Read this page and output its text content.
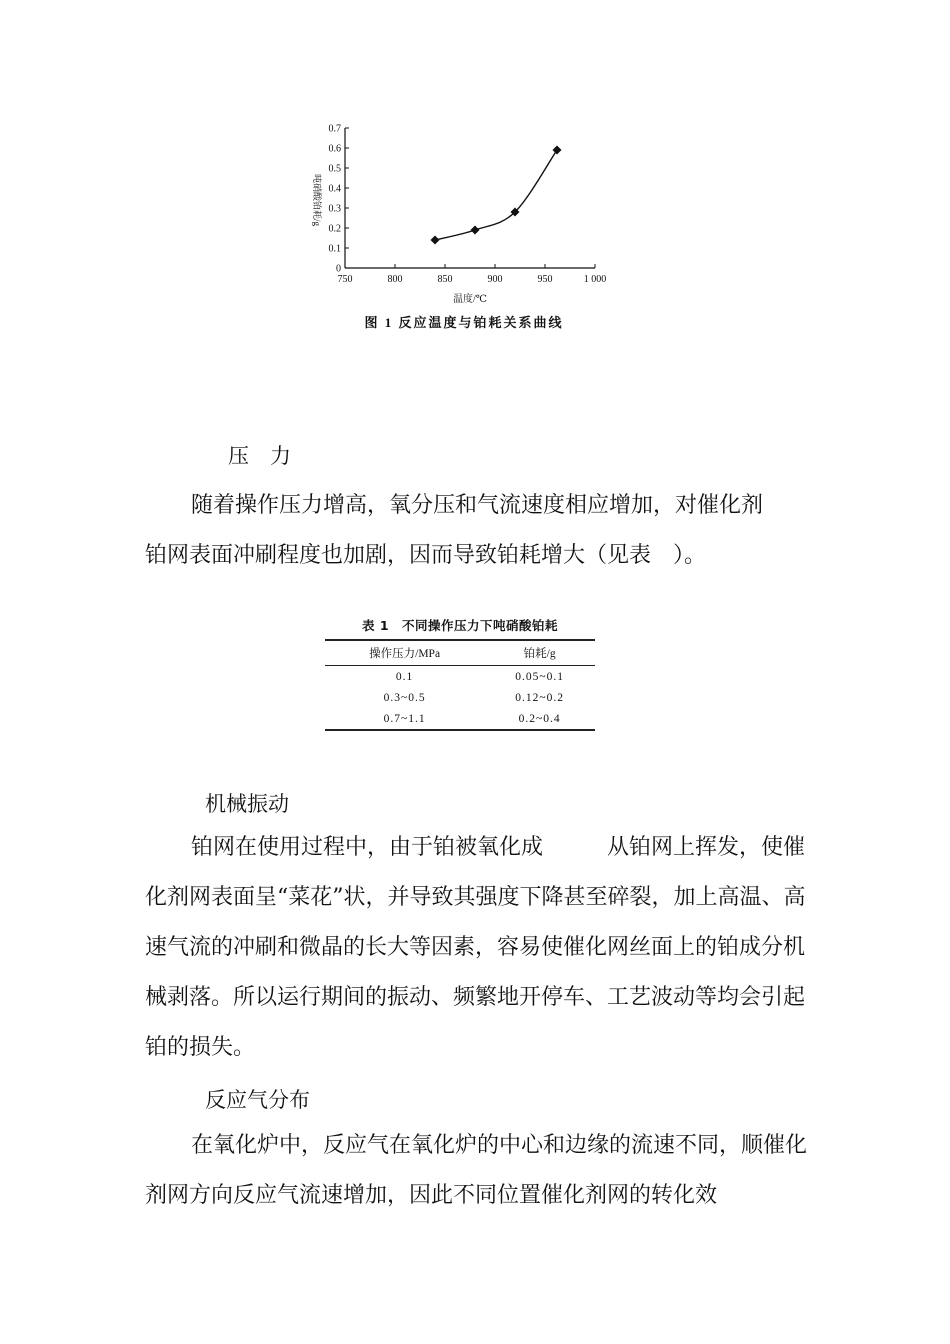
0
0.1
0.2
0.3
0.4
0.5
0.6
0.7
750	800	850	900	950	1 000
吨硝酸铂耗/g
温度/℃
图 1 反应温度与铂耗关系曲线
压　力
随着操作压力增高，氧分压和气流速度相应增加，对催化剂
铂网表面冲刷程度也加剧，因而导致铂耗增大（见表　）。
表 1　不同操作压力下吨硝酸铂耗
操作压力/MPa	铂耗/g
0.1	0.05~0.1
0.3~0.5	0.12~0.2
0.7~1.1	0.2~0.4
机械振动

铂网在使用过程中，由于铂被氧化成	从铂网上挥发，使催化剂网表面呈“菜花”状，并导致其强度下降甚至碎裂，加上高温、高速气流的冲刷和微晶的长大等因素，容易使催化网丝面上的铂成分机械剥落。所以运行期间的振动、频繁地开停车、工艺波动等均会引起铂的损失。

反应气分布

在氧化炉中，反应气在氧化炉的中心和边缘的流速不同，顺催化剂网方向反应气流速增加，因此不同位置催化剂网的转化效
